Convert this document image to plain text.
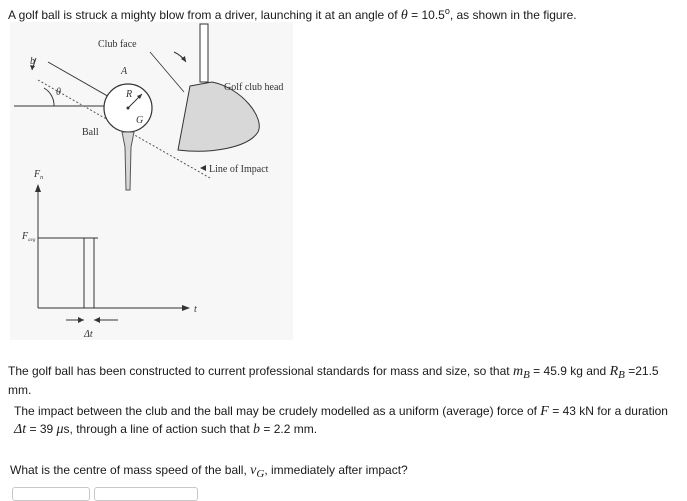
A golf ball is struck a mighty blow from a driver, launching it at an angle of $\theta = 10.5^o$, as shown in the figure.
b
θ
A
R
G
Ball
Club face
Golf club head
Line of Impact
$F_n$
$F_{avg}$
t
Δt
The golf ball has been constructed to current professional standards for mass and size, so that mB = 45.9 kg and RB =21.5
mm.
The impact between the club and the ball may be crudely modelled as a uniform (average) force of F = 43 kN for a duration
Δt = 39 μs, through a line of action such that b = 2.2 mm.
What is the centre of mass speed of the ball, vG, immediately after impact?
